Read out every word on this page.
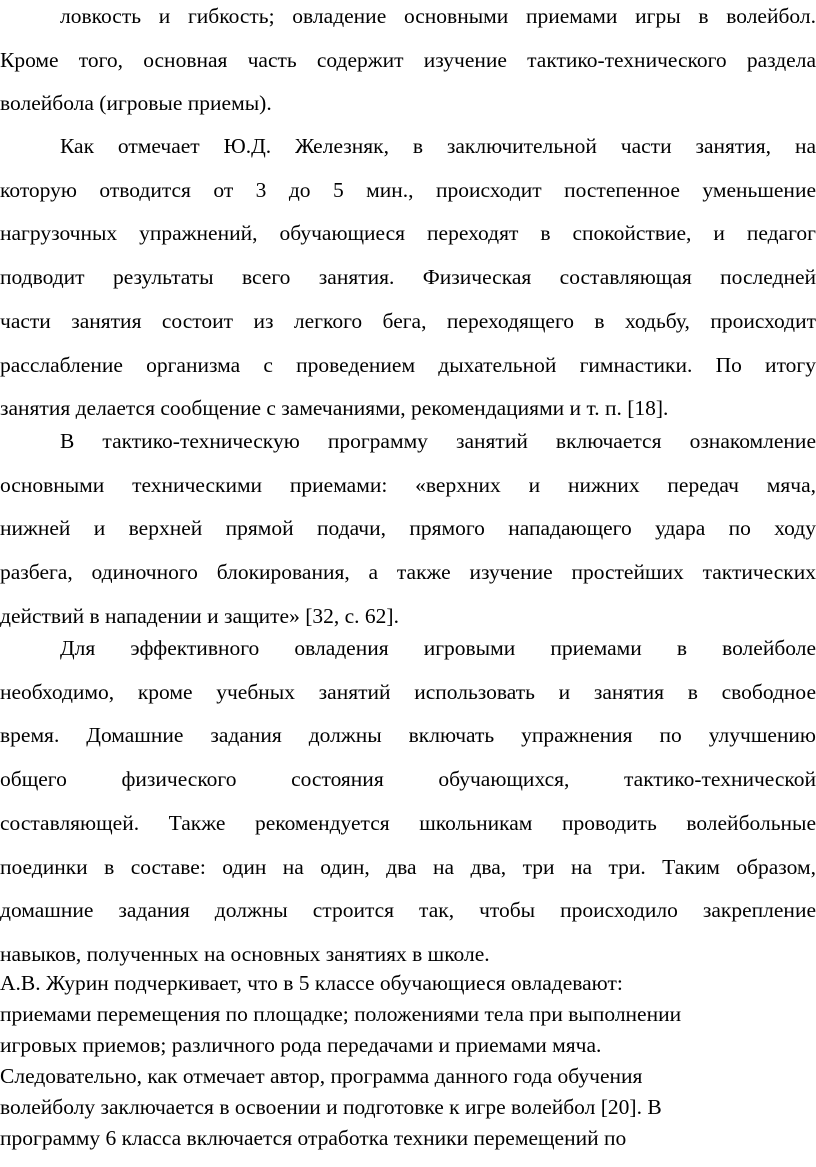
ловкость и гибкость; овладение основными приемами игры в волейбол.
Кроме того, основная часть содержит изучение тактико-технического раздела
волейбола (игровые приемы).
Как отмечает Ю.Д. Железняк, в заключительной части занятия, на
которую отводится от 3 до 5 мин., происходит постепенное уменьшение
нагрузочных упражнений, обучающиеся переходят в спокойствие, и педагог
подводит результаты всего занятия. Физическая составляющая последней
части занятия состоит из легкого бега, переходящего в ходьбу, происходит
расслабление организма с проведением дыхательной гимнастики. По итогу
занятия делается сообщение с замечаниями, рекомендациями и т. п. [18].
В тактико-техническую программу занятий включается ознакомление
основными техническими приемами: «верхних и нижних передач мяча,
нижней и верхней прямой подачи, прямого нападающего удара по ходу
разбега, одиночного блокирования, а также изучение простейших тактических
действий в нападении и защите» [32, с. 62].
Для эффективного овладения игровыми приемами в волейболе
необходимо, кроме учебных занятий использовать и занятия в свободное
время. Домашние задания должны включать упражнения по улучшению
общего физического состояния обучающихся, тактико-технической
составляющей. Также рекомендуется школьникам проводить волейбольные
поединки в составе: один на один, два на два, три на три. Таким образом,
домашние задания должны строится так, чтобы происходило закрепление
навыков, полученных на основных занятиях в школе.
А.В. Журин подчеркивает, что в 5 классе обучающиеся овладевают:
приемами перемещения по площадке; положениями тела при выполнении
игровых приемов; различного рода передачами и приемами мяча.
Следовательно, как отмечает автор, программа данного года обучения
волейболу заключается в освоении и подготовке к игре волейбол [20]. В
программу 6 класса включается отработка техники перемещений по
